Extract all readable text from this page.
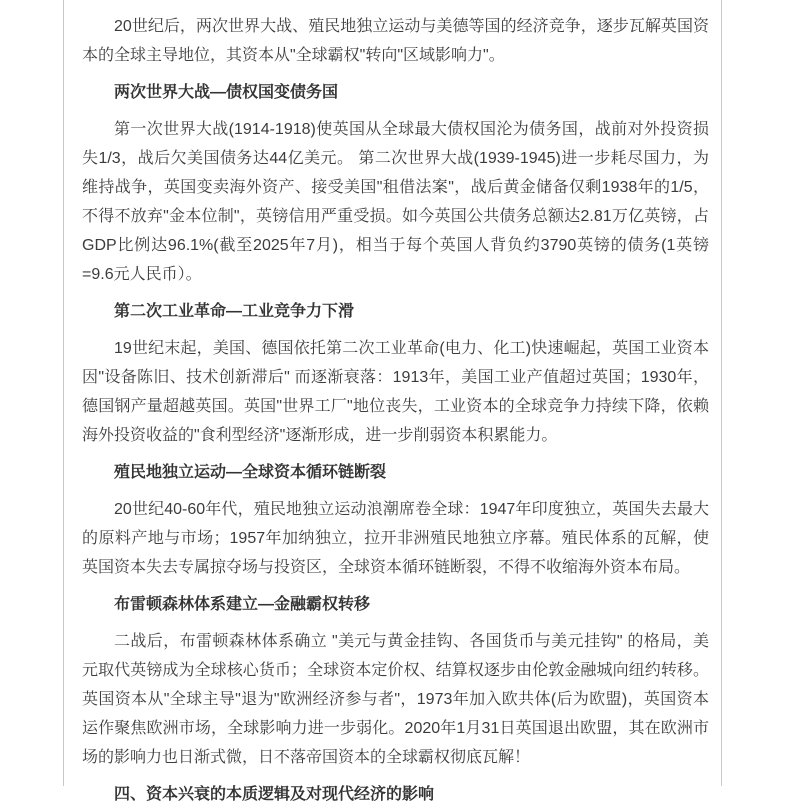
20世纪后，两次世界大战、殖民地独立运动与美德等国的经济竞争，逐步瓦解英国资本的全球主导地位，其资本从"全球霸权"转向"区域影响力"。

两次世界大战—债权国变债务国

第一次世界大战(1914-1918)使英国从全球最大债权国沦为债务国，战前对外投资损失1/3，战后欠美国债务达44亿美元。 第二次世界大战(1939-1945)进一步耗尽国力，为维持战争，英国变卖海外资产、接受美国"租借法案"，战后黄金储备仅剩1938年的1/5，不得不放弃"金本位制"，英镑信用严重受损。如今英国公共债务总额达2.81万亿英镑，占GDP比例达96.1%(截至2025年7月)，相当于每个英国人背负约3790英镑的债务(1英镑=9.6元人民币）。

第二次工业革命—工业竞争力下滑

19世纪末起，美国、德国依托第二次工业革命(电力、化工)快速崛起，英国工业资本因"设备陈旧、技术创新滞后" 而逐渐衰落：1913年，美国工业产值超过英国；1930年，德国钢产量超越英国。英国"世界工厂"地位丧失，工业资本的全球竞争力持续下降，依赖海外投资收益的"食利型经济"逐渐形成，进一步削弱资本积累能力。

殖民地独立运动—全球资本循环链断裂

20世纪40-60年代，殖民地独立运动浪潮席卷全球：1947年印度独立，英国失去最大的原料产地与市场；1957年加纳独立，拉开非洲殖民地独立序幕。殖民体系的瓦解，使英国资本失去专属掠夺场与投资区，全球资本循环链断裂，不得不收缩海外资本布局。

布雷顿森林体系建立—金融霸权转移

二战后，布雷顿森林体系确立 "美元与黄金挂钩、各国货币与美元挂钩" 的格局，美元取代英镑成为全球核心货币；全球资本定价权、结算权逐步由伦敦金融城向纽约转移。英国资本从"全球主导"退为"欧洲经济参与者"，1973年加入欧共体(后为欧盟)，英国资本运作聚焦欧洲市场，全球影响力进一步弱化。2020年1月31日英国退出欧盟，其在欧洲市场的影响力也日渐式微，日不落帝国资本的全球霸权彻底瓦解！

四、资本兴衰的本质逻辑及对现代经济的影响
